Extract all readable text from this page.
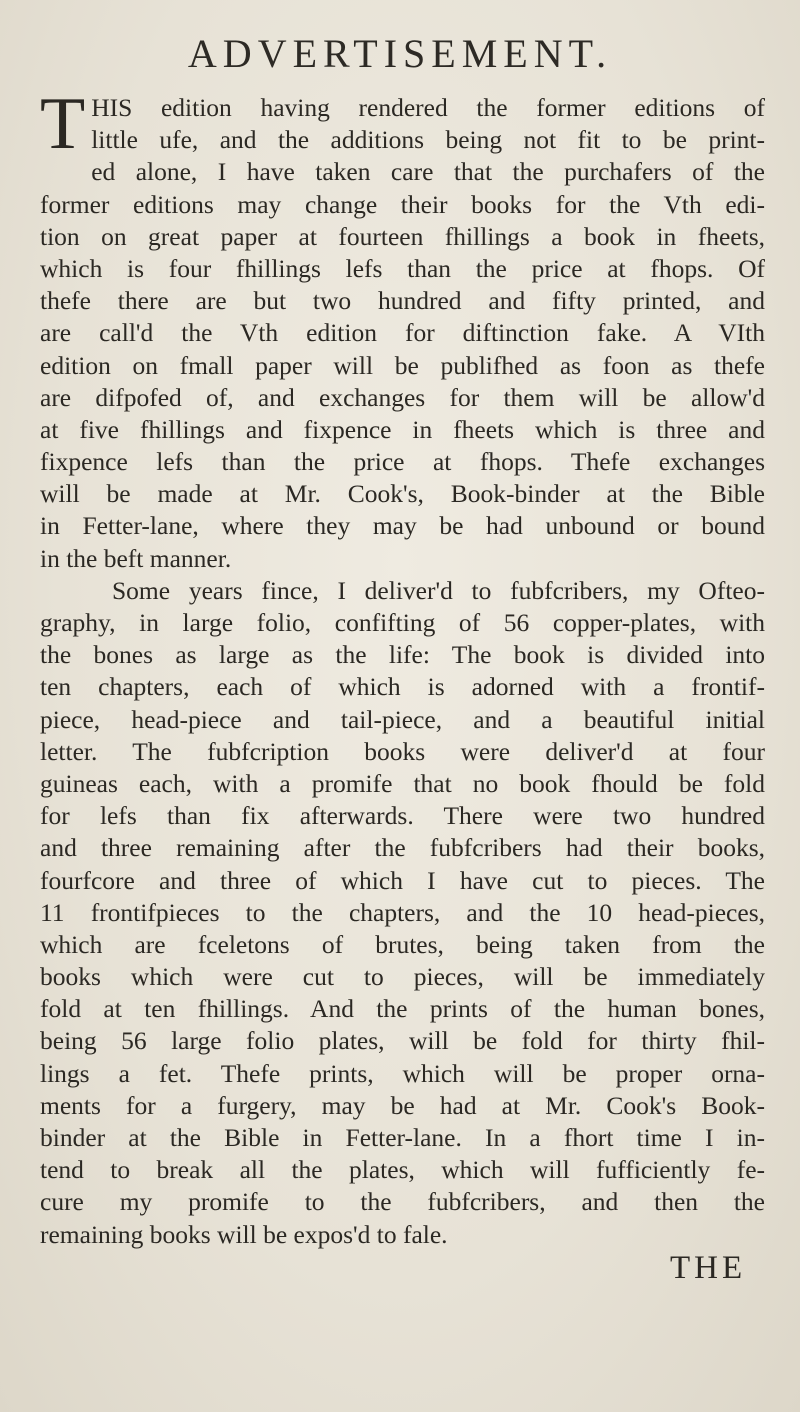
ADVERTISEMENT.
T HIS edition having rendered the former editions of
little ufe, and the additions being not fit to be print-
ed alone, I have taken care that the purchafers of the
former editions may change their books for the Vth edi-
tion on great paper at fourteen fhillings a book in fheets,
which is four fhillings lefs than the price at fhops. Of
thefe there are but two hundred and fifty printed, and
are call'd the Vth edition for diftinction fake. A VIth
edition on fmall paper will be publifhed as foon as thefe
are difpofed of, and exchanges for them will be allow'd
at five fhillings and fixpence in fheets which is three and
fixpence lefs than the price at fhops. Thefe exchanges
will be made at Mr. Cook's, Book-binder at the Bible
in Fetter-lane, where they may be had unbound or bound
in the beft manner.
Some years fince, I deliver'd to fubfcribers, my Ofteo-
graphy, in large folio, confifting of 56 copper-plates, with
the bones as large as the life: The book is divided into
ten chapters, each of which is adorned with a frontif-
piece, head-piece and tail-piece, and a beautiful initial
letter. The fubfcription books were deliver'd at four
guineas each, with a promife that no book fhould be fold
for lefs than fix afterwards. There were two hundred
and three remaining after the fubfcribers had their books,
fourfcore and three of which I have cut to pieces. The
11 frontifpieces to the chapters, and the 10 head-pieces,
which are fceletons of brutes, being taken from the
books which were cut to pieces, will be immediately
fold at ten fhillings. And the prints of the human bones,
being 56 large folio plates, will be fold for thirty fhil-
lings a fet. Thefe prints, which will be proper orna-
ments for a furgery, may be had at Mr. Cook's Book-
binder at the Bible in Fetter-lane. In a fhort time I in-
tend to break all the plates, which will fufficiently fe-
cure my promife to the fubfcribers, and then the
remaining books will be expos'd to fale.
THE
